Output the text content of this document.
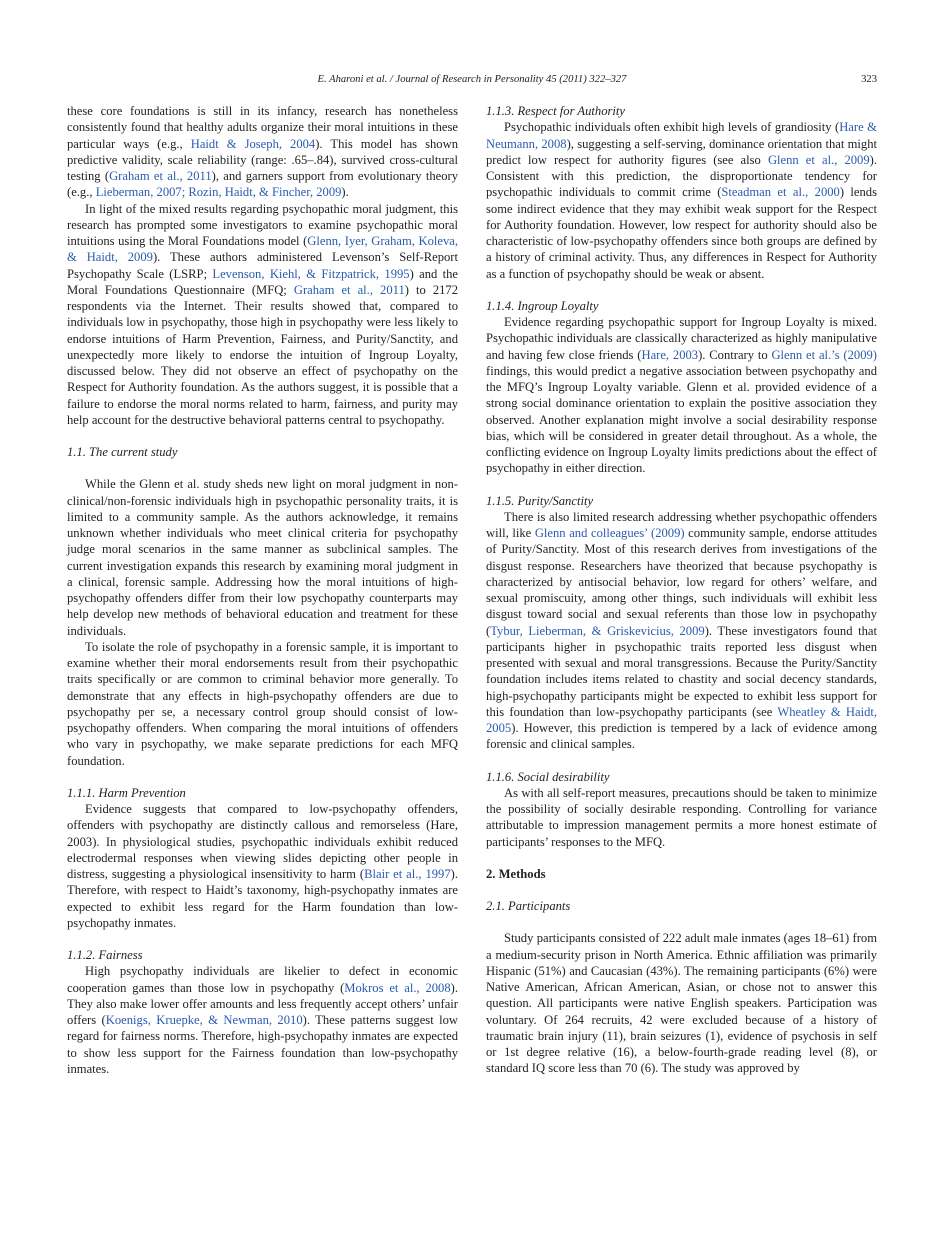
E. Aharoni et al. / Journal of Research in Personality 45 (2011) 322–327	323

these core foundations is still in its infancy, research has nonetheless consistently found that healthy adults organize their moral intuitions in these particular ways (e.g., Haidt & Joseph, 2004). This model has shown predictive validity, scale reliability (range: .65–.84), survived cross-cultural testing (Graham et al., 2011), and garners support from evolutionary theory (e.g., Lieberman, 2007; Rozin, Haidt, & Fincher, 2009).

In light of the mixed results regarding psychopathic moral judgment, this research has prompted some investigators to examine psychopathic moral intuitions using the Moral Foundations model (Glenn, Iyer, Graham, Koleva, & Haidt, 2009). These authors administered Levenson’s Self-Report Psychopathy Scale (LSRP; Levenson, Kiehl, & Fitzpatrick, 1995) and the Moral Foundations Questionnaire (MFQ; Graham et al., 2011) to 2172 respondents via the Internet. Their results showed that, compared to individuals low in psychopathy, those high in psychopathy were less likely to endorse intuitions of Harm Prevention, Fairness, and Purity/Sanctity, and unexpectedly more likely to endorse the intuition of Ingroup Loyalty, discussed below. They did not observe an effect of psychopathy on the Respect for Authority foundation. As the authors suggest, it is possible that a failure to endorse the moral norms related to harm, fairness, and purity may help account for the destructive behavioral patterns central to psychopathy.

1.1. The current study

While the Glenn et al. study sheds new light on moral judgment in non-clinical/non-forensic individuals high in psychopathic personality traits, it is limited to a community sample. As the authors acknowledge, it remains unknown whether individuals who meet clinical criteria for psychopathy judge moral scenarios in the same manner as subclinical samples. The current investigation expands this research by examining moral judgment in a clinical, forensic sample. Addressing how the moral intuitions of high-psychopathy offenders differ from their low psychopathy counterparts may help develop new methods of behavioral education and treatment for these individuals.

To isolate the role of psychopathy in a forensic sample, it is important to examine whether their moral endorsements result from their psychopathic traits specifically or are common to criminal behavior more generally. To demonstrate that any effects in high-psychopathy offenders are due to psychopathy per se, a necessary control group should consist of low-psychopathy offenders. When comparing the moral intuitions of offenders who vary in psychopathy, we make separate predictions for each MFQ foundation.

1.1.1. Harm Prevention

Evidence suggests that compared to low-psychopathy offenders, offenders with psychopathy are distinctly callous and remorseless (Hare, 2003). In physiological studies, psychopathic individuals exhibit reduced electrodermal responses when viewing slides depicting other people in distress, suggesting a physiological insensitivity to harm (Blair et al., 1997). Therefore, with respect to Haidt’s taxonomy, high-psychopathy inmates are expected to exhibit less regard for the Harm foundation than low-psychopathy inmates.

1.1.2. Fairness

High psychopathy individuals are likelier to defect in economic cooperation games than those low in psychopathy (Mokros et al., 2008). They also make lower offer amounts and less frequently accept others’ unfair offers (Koenigs, Kruepke, & Newman, 2010). These patterns suggest low regard for fairness norms. Therefore, high-psychopathy inmates are expected to show less support for the Fairness foundation than low-psychopathy inmates.

1.1.3. Respect for Authority

Psychopathic individuals often exhibit high levels of grandiosity (Hare & Neumann, 2008), suggesting a self-serving, dominance orientation that might predict low respect for authority figures (see also Glenn et al., 2009). Consistent with this prediction, the disproportionate tendency for psychopathic individuals to commit crime (Steadman et al., 2000) lends some indirect evidence that they may exhibit weak support for the Respect for Authority foundation. However, low respect for authority should also be characteristic of low-psychopathy offenders since both groups are defined by a history of criminal activity. Thus, any differences in Respect for Authority as a function of psychopathy should be weak or absent.

1.1.4. Ingroup Loyalty

Evidence regarding psychopathic support for Ingroup Loyalty is mixed. Psychopathic individuals are classically characterized as highly manipulative and having few close friends (Hare, 2003). Contrary to Glenn et al.’s (2009) findings, this would predict a negative association between psychopathy and the MFQ’s Ingroup Loyalty variable. Glenn et al. provided evidence of a strong social dominance orientation to explain the positive association they observed. Another explanation might involve a social desirability response bias, which will be considered in greater detail throughout. As a whole, the conflicting evidence on Ingroup Loyalty limits predictions about the effect of psychopathy in either direction.

1.1.5. Purity/Sanctity

There is also limited research addressing whether psychopathic offenders will, like Glenn and colleagues’ (2009) community sample, endorse attitudes of Purity/Sanctity. Most of this research derives from investigations of the disgust response. Researchers have theorized that because psychopathy is characterized by antisocial behavior, low regard for others’ welfare, and sexual promiscuity, among other things, such individuals will exhibit less disgust toward social and sexual referents than those low in psychopathy (Tybur, Lieberman, & Griskevicius, 2009). These investigators found that participants higher in psychopathic traits reported less disgust when presented with sexual and moral transgressions. Because the Purity/Sanctity foundation includes items related to chastity and social decency standards, high-psychopathy participants might be expected to exhibit less support for this foundation than low-psychopathy participants (see Wheatley & Haidt, 2005). However, this prediction is tempered by a lack of evidence among forensic and clinical samples.

1.1.6. Social desirability

As with all self-report measures, precautions should be taken to minimize the possibility of socially desirable responding. Controlling for variance attributable to impression management permits a more honest estimate of participants’ responses to the MFQ.

2. Methods

2.1. Participants

Study participants consisted of 222 adult male inmates (ages 18–61) from a medium-security prison in North America. Ethnic affiliation was primarily Hispanic (51%) and Caucasian (43%). The remaining participants (6%) were Native American, African American, Asian, or chose not to answer this question. All participants were native English speakers. Participation was voluntary. Of 264 recruits, 42 were excluded because of a history of traumatic brain injury (11), brain seizures (1), evidence of psychosis in self or 1st degree relative (16), a below-fourth-grade reading level (8), or standard IQ score less than 70 (6). The study was approved by
